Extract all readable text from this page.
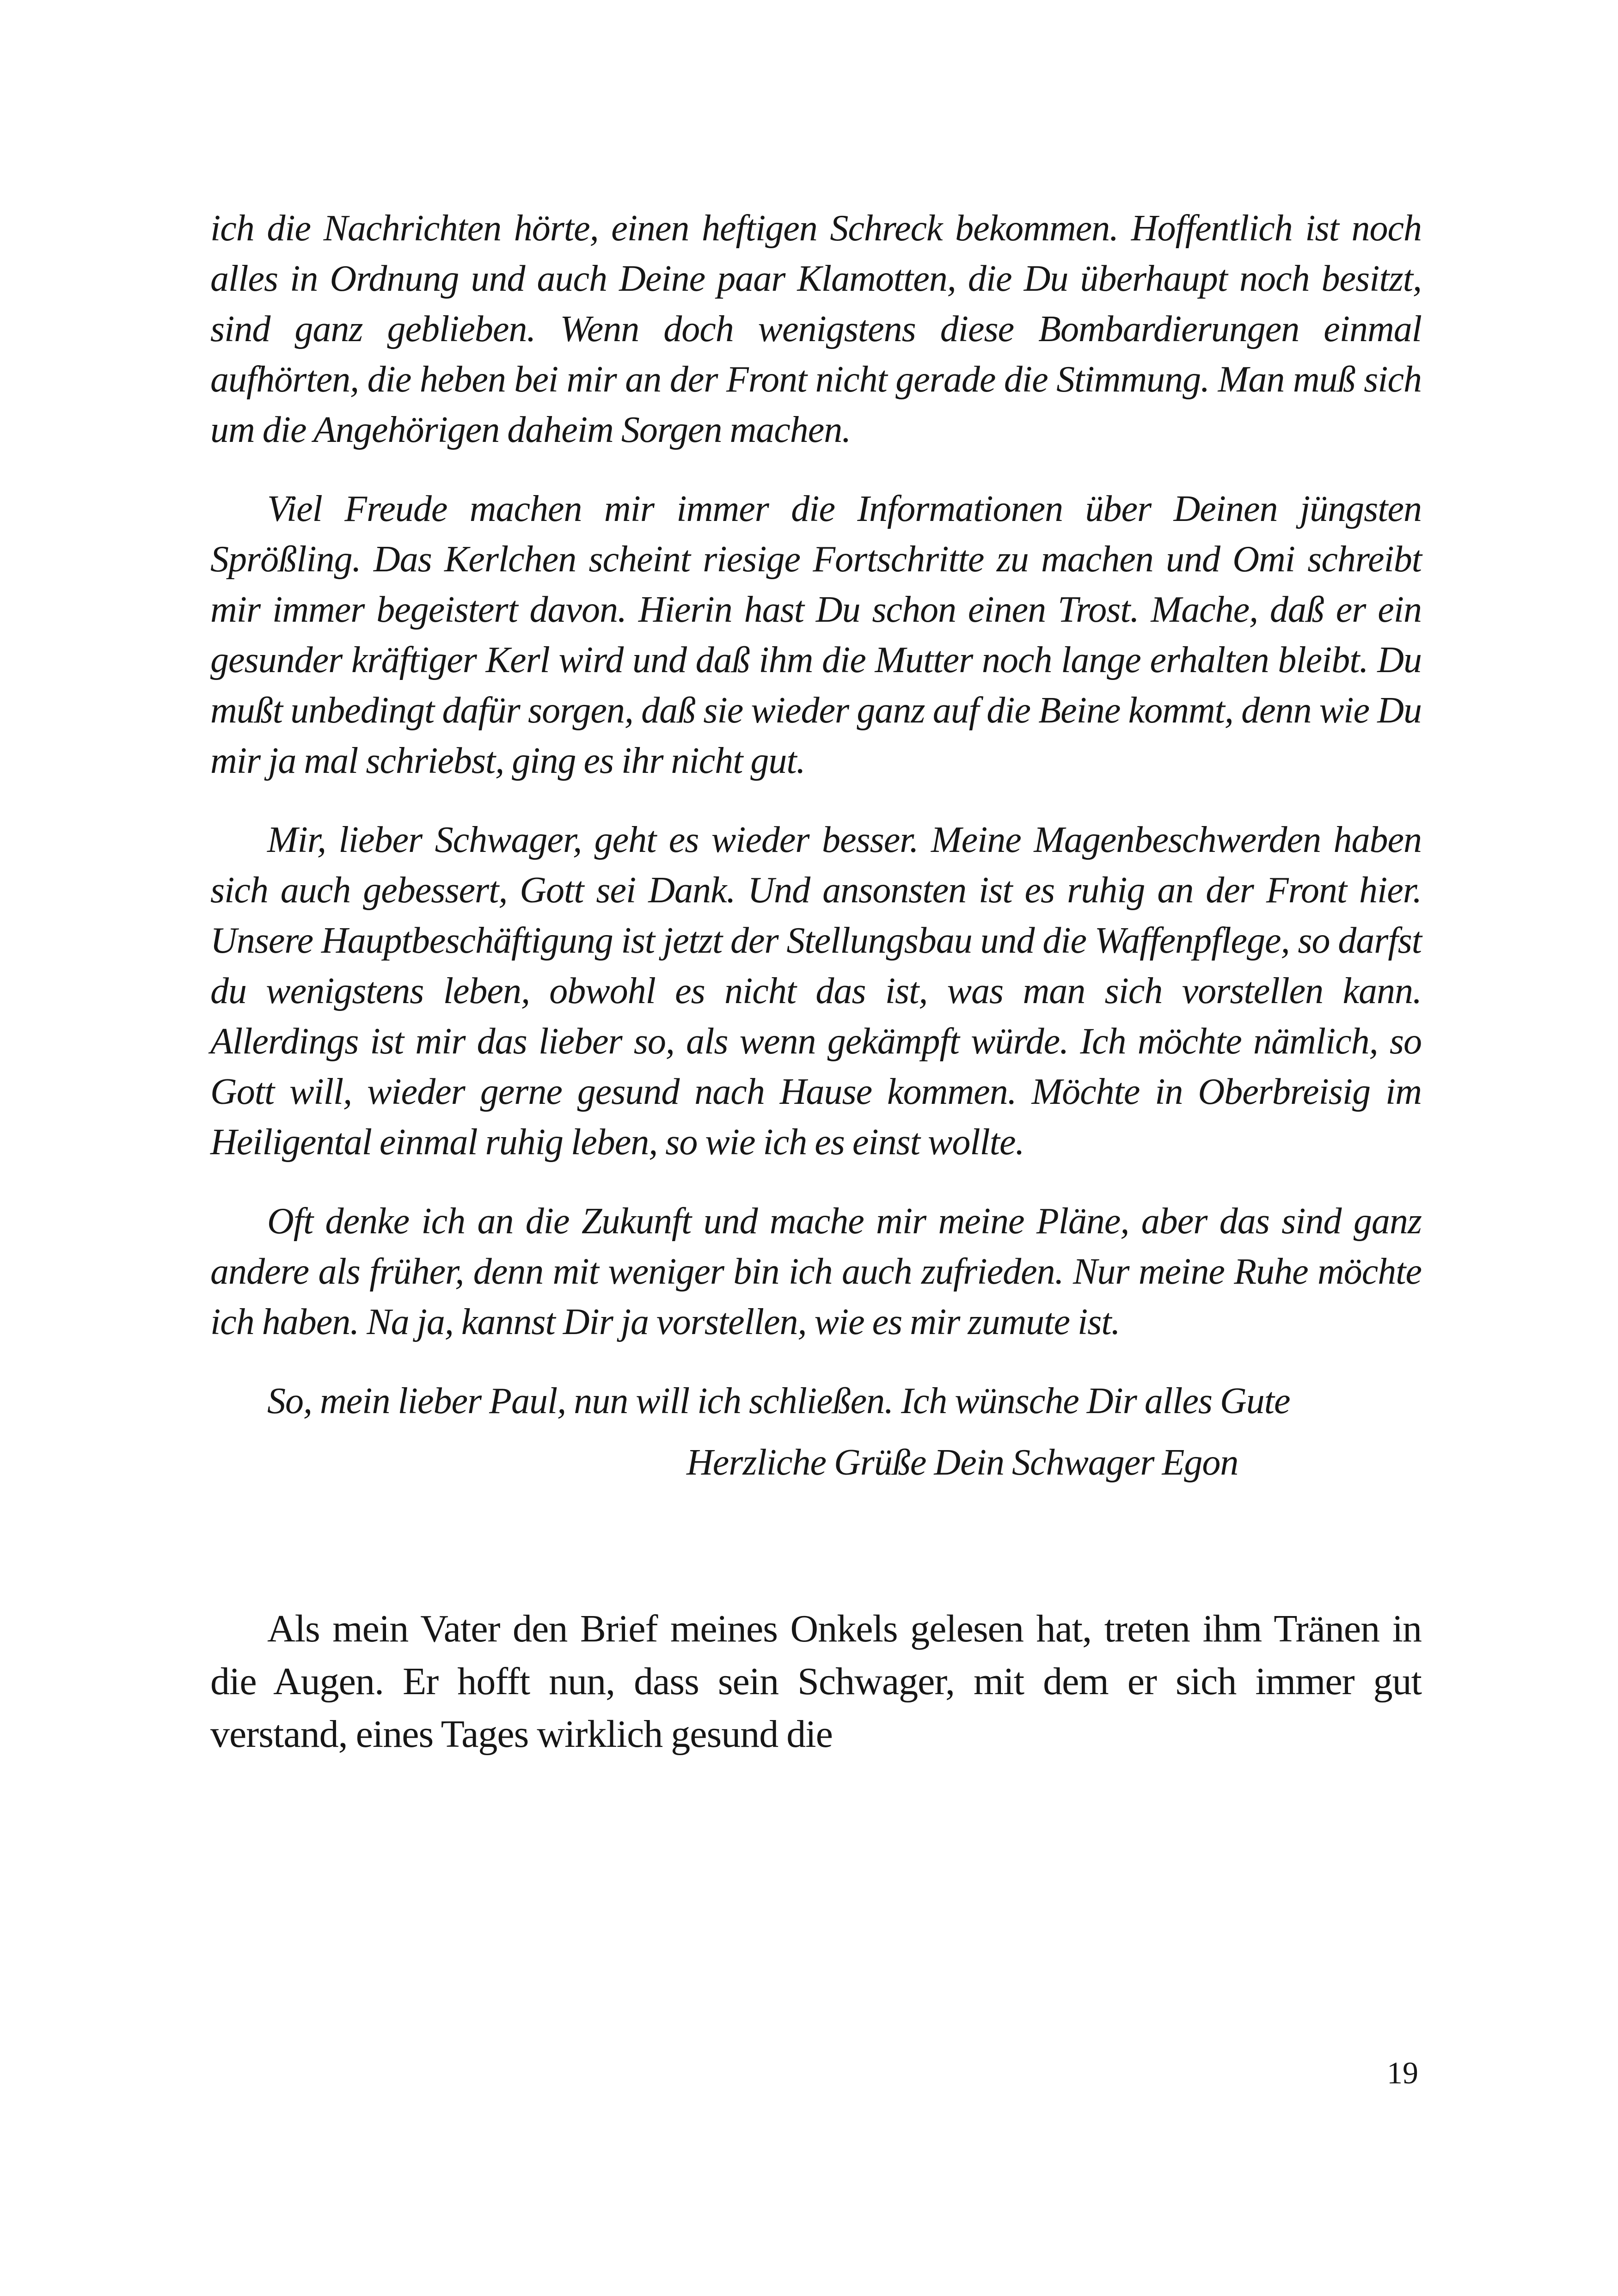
ich die Nachrichten hörte, einen heftigen Schreck bekommen. Hoffentlich ist noch alles in Ordnung und auch Deine paar Klamotten, die Du überhaupt noch besitzt, sind ganz geblieben. Wenn doch wenigstens diese Bombardierungen einmal aufhörten, die heben bei mir an der Front nicht gerade die Stimmung. Man muß sich um die Angehörigen daheim Sorgen machen.

Viel Freude machen mir immer die Informationen über Deinen jüngsten Sprößling. Das Kerlchen scheint riesige Fortschritte zu machen und Omi schreibt mir immer begeistert davon. Hierin hast Du schon einen Trost. Mache, daß er ein gesunder kräftiger Kerl wird und daß ihm die Mutter noch lange erhalten bleibt. Du mußt unbedingt dafür sorgen, daß sie wieder ganz auf die Beine kommt, denn wie Du mir ja mal schriebst, ging es ihr nicht gut.

Mir, lieber Schwager, geht es wieder besser. Meine Magenbeschwerden haben sich auch gebessert, Gott sei Dank. Und ansonsten ist es ruhig an der Front hier. Unsere Hauptbeschäftigung ist jetzt der Stellungsbau und die Waffenpflege, so darfst du wenigstens leben, obwohl es nicht das ist, was man sich vorstellen kann. Allerdings ist mir das lieber so, als wenn gekämpft würde. Ich möchte nämlich, so Gott will, wieder gerne gesund nach Hause kommen. Möchte in Oberbreisig im Heiligental einmal ruhig leben, so wie ich es einst wollte.

Oft denke ich an die Zukunft und mache mir meine Pläne, aber das sind ganz andere als früher, denn mit weniger bin ich auch zufrieden. Nur meine Ruhe möchte ich haben. Na ja, kannst Dir ja vorstellen, wie es mir zumute ist.

So, mein lieber Paul, nun will ich schließen. Ich wünsche Dir alles Gute

Herzliche Grüße Dein Schwager Egon

Als mein Vater den Brief meines Onkels gelesen hat, treten ihm Tränen in die Augen. Er hofft nun, dass sein Schwager, mit dem er sich immer gut verstand, eines Tages wirklich gesund die

19
